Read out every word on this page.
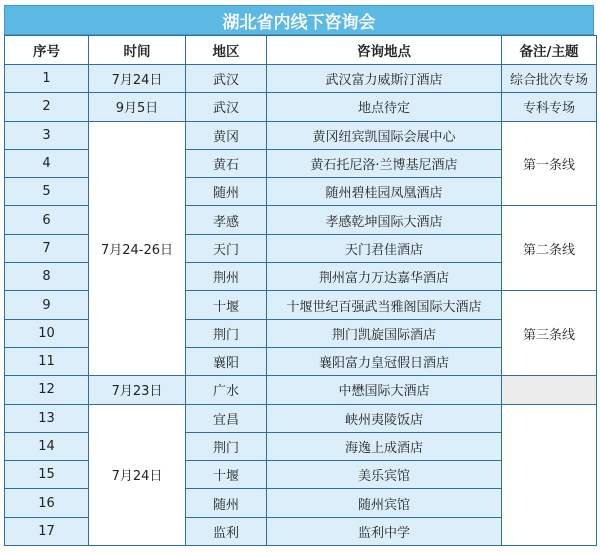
湖北省内线下咨询会
序号	时间	地区	咨询地点	备注/主题
1	7月24日	武汉	武汉富力威斯汀酒店	综合批次专场
2	9月5日	武汉	地点待定	专科专场
3	7月24-26日	黄冈	黄冈纽宾凯国际会展中心	第一条线
4		黄石	黄石托尼洛·兰博基尼酒店	
5		随州	随州碧桂园凤凰酒店	
6		孝感	孝感乾坤国际大酒店	第二条线
7		天门	天门君佳酒店	
8		荆州	荆州富力万达嘉华酒店	
9		十堰	十堰世纪百强武当雅阁国际大酒店	第三条线
10		荆门	荆门凯旋国际酒店	
11		襄阳	襄阳富力皇冠假日酒店	
12	7月23日	广水	中懋国际大酒店	
13	7月24日	宜昌	峡州夷陵饭店	
14		荆门	海逸上成酒店	
15		十堰	美乐宾馆	
16		随州	随州宾馆	
17		监利	监利中学	
